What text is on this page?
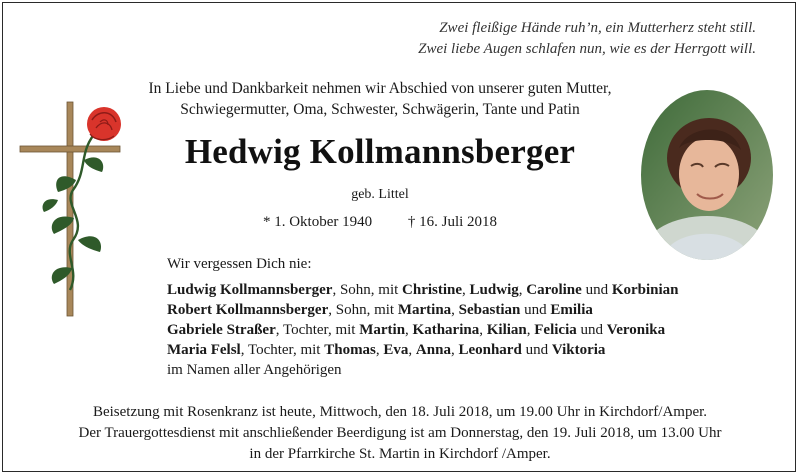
Zwei fleißige Hände ruh’n, ein Mutterherz steht still.
Zwei liebe Augen schlafen nun, wie es der Herrgott will.
In Liebe und Dankbarkeit nehmen wir Abschied von unserer guten Mutter,
Schwiegermutter, Oma, Schwester, Schwägerin, Tante und Patin
Hedwig Kollmannsberger
geb. Littel
* 1. Oktober 1940 † 16. Juli 2018
Wir vergessen Dich nie:
Ludwig Kollmannsberger, Sohn, mit Christine, Ludwig, Caroline und Korbinian
Robert Kollmannsberger, Sohn, mit Martina, Sebastian und Emilia
Gabriele Straßer, Tochter, mit Martin, Katharina, Kilian, Felicia und Veronika
Maria Felsl, Tochter, mit Thomas, Eva, Anna, Leonhard und Viktoria
im Namen aller Angehörigen
Beisetzung mit Rosenkranz ist heute, Mittwoch, den 18. Juli 2018, um 19.00 Uhr in Kirchdorf/Amper.
Der Trauergottesdienst mit anschließender Beerdigung ist am Donnerstag, den 19. Juli 2018, um 13.00 Uhr
in der Pfarrkirche St. Martin in Kirchdorf /Amper.
